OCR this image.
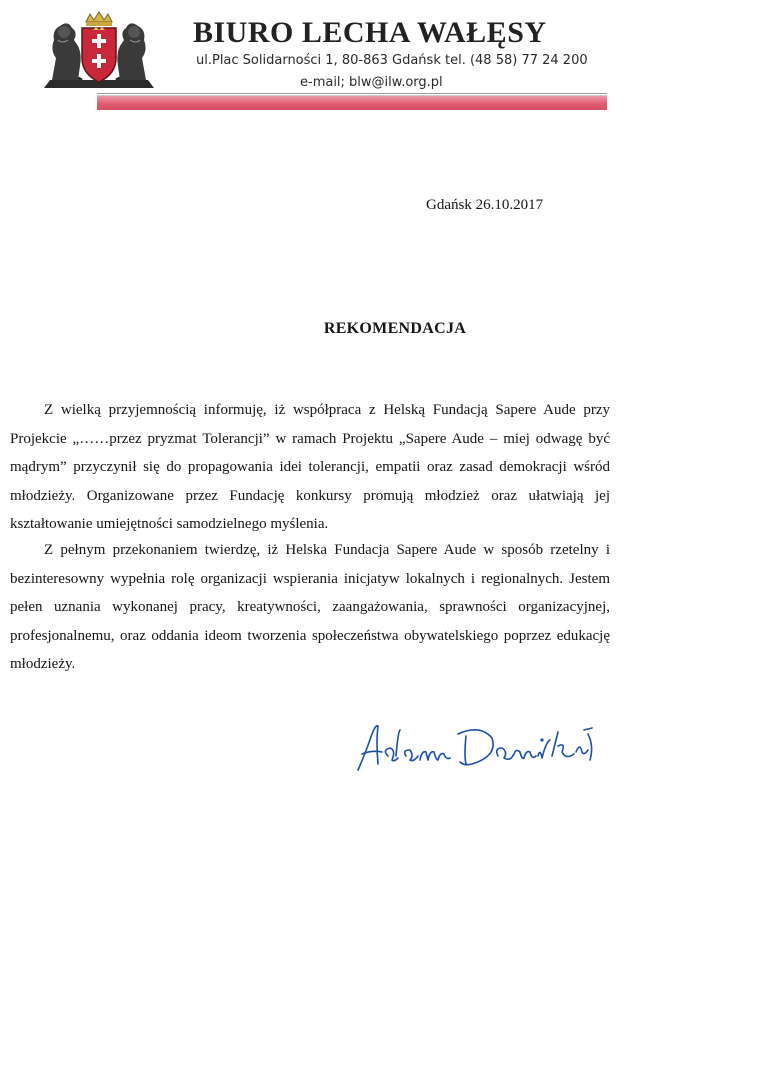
BIURO LECHA WAŁĘSY
ul.Plac Solidarności 1, 80-863 Gdańsk tel. (48 58) 77 24 200
e-mail; blw@ilw.org.pl
Gdańsk 26.10.2017
REKOMENDACJA

Z wielką przyjemnością informuję, iż współpraca z Helską Fundacją Sapere Aude przy Projekcie „……przez pryzmat Tolerancji” w ramach Projektu „Sapere Aude – miej odwagę być mądrym” przyczynił się do propagowania idei tolerancji, empatii oraz zasad demokracji wśród młodzieży. Organizowane przez Fundację konkursy promują młodzież oraz ułatwiają jej kształtowanie umiejętności samodzielnego myślenia.

Z pełnym przekonaniem twierdzę, iż Helska Fundacja Sapere Aude w sposób rzetelny i bezinteresowny wypełnia rolę organizacji wspierania inicjatyw lokalnych i regionalnych. Jestem pełen uznania wykonanej pracy, kreatywności, zaangażowania, sprawności organizacyjnej, profesjonalnemu, oraz oddania ideom tworzenia społeczeństwa obywatelskiego poprzez edukację młodzieży.
